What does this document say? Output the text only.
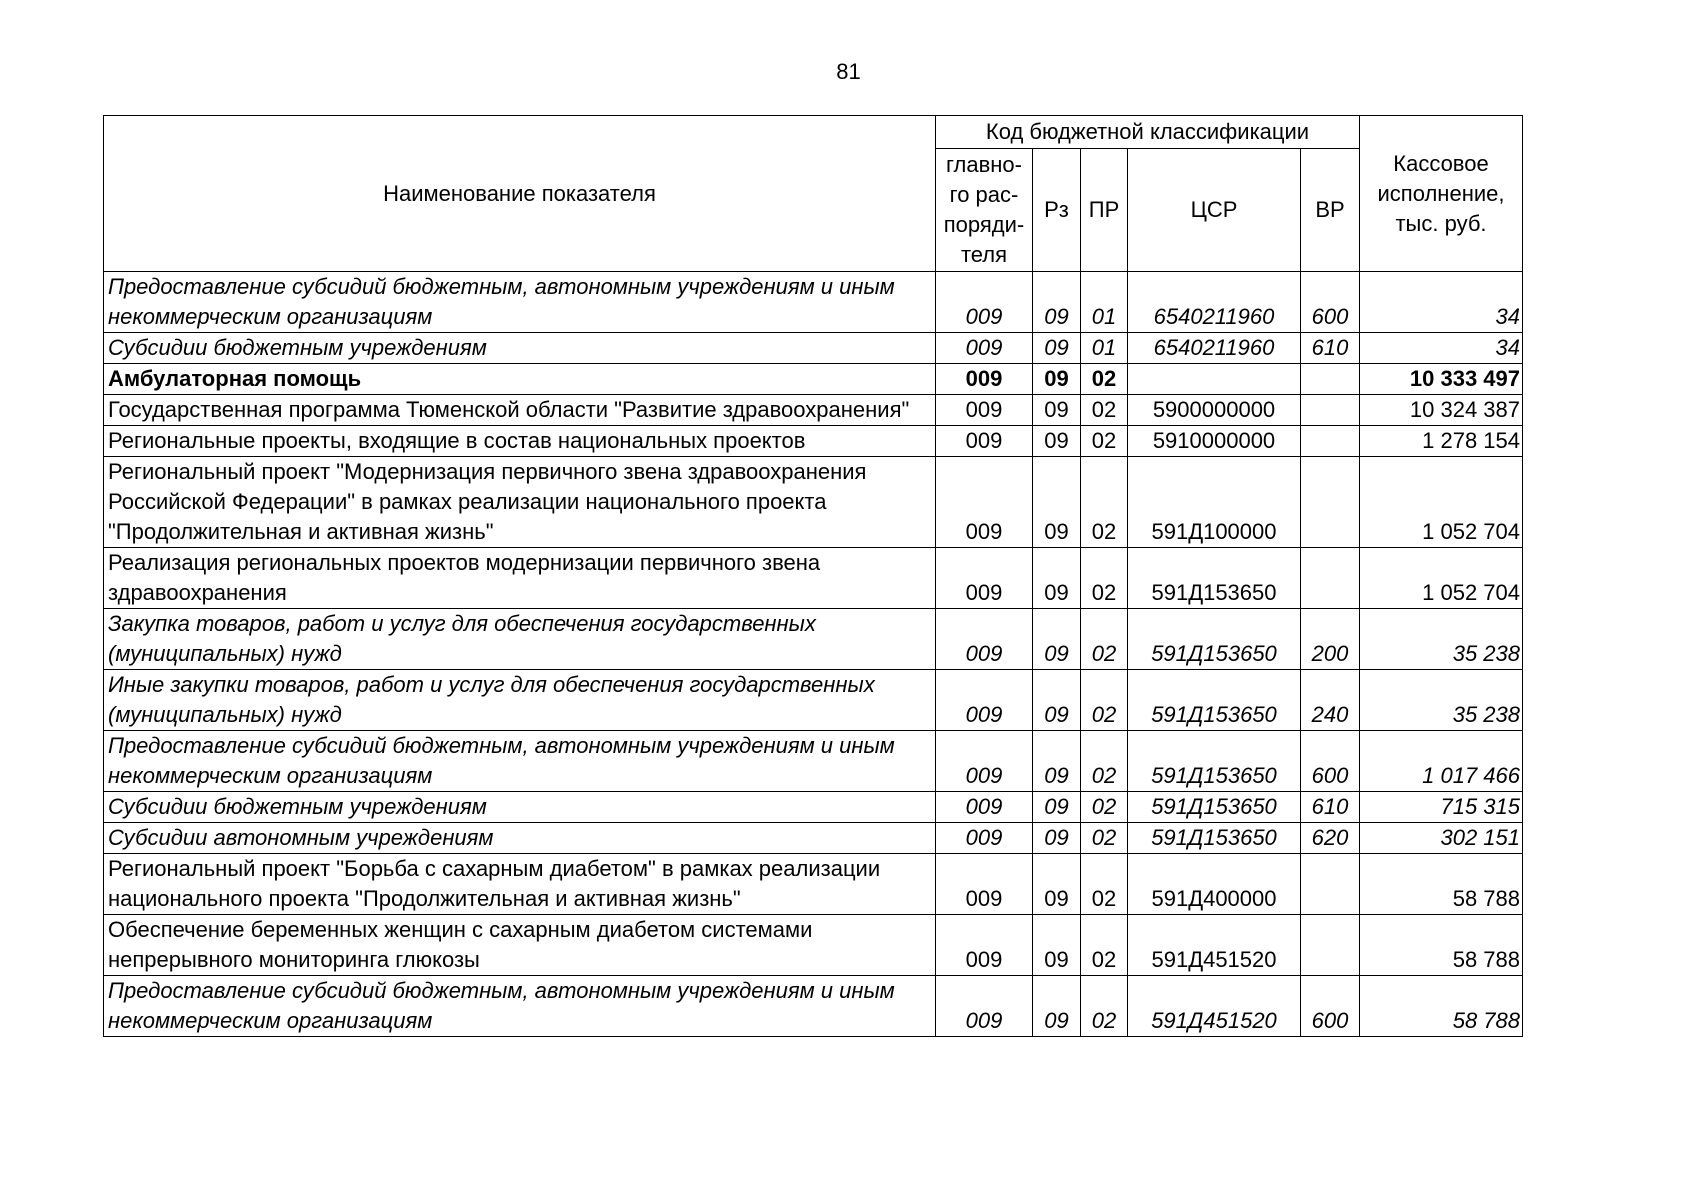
81
Наименование показателя	Код бюджетной классификации					Кассовое исполнение, тыс. руб.
	главно-го рас-поряди-теля	Рз	ПР	ЦСР	ВР	
Предоставление субсидий бюджетным, автономным учреждениям и иным некоммерческим организациям	009	09	01	6540211960	600	34
Субсидии бюджетным учреждениям	009	09	01	6540211960	610	34
Амбулаторная помощь	009	09	02			10 333 497
Государственная программа Тюменской области "Развитие здравоохранения"	009	09	02	5900000000		10 324 387
Региональные проекты, входящие в состав национальных проектов	009	09	02	5910000000		1 278 154
Региональный проект "Модернизация первичного звена здравоохранения Российской Федерации" в рамках реализации национального проекта "Продолжительная и активная жизнь"	009	09	02	591Д100000		1 052 704
Реализация региональных проектов модернизации первичного звена здравоохранения	009	09	02	591Д153650		1 052 704
Закупка товаров, работ и услуг для обеспечения государственных (муниципальных) нужд	009	09	02	591Д153650	200	35 238
Иные закупки товаров, работ и услуг для обеспечения государственных (муниципальных) нужд	009	09	02	591Д153650	240	35 238
Предоставление субсидий бюджетным, автономным учреждениям и иным некоммерческим организациям	009	09	02	591Д153650	600	1 017 466
Субсидии бюджетным учреждениям	009	09	02	591Д153650	610	715 315
Субсидии автономным учреждениям	009	09	02	591Д153650	620	302 151
Региональный проект "Борьба с сахарным диабетом" в рамках реализации национального проекта "Продолжительная и активная жизнь"	009	09	02	591Д400000		58 788
Обеспечение беременных женщин с сахарным диабетом системами непрерывного мониторинга глюкозы	009	09	02	591Д451520		58 788
Предоставление субсидий бюджетным, автономным учреждениям и иным некоммерческим организациям	009	09	02	591Д451520	600	58 788
